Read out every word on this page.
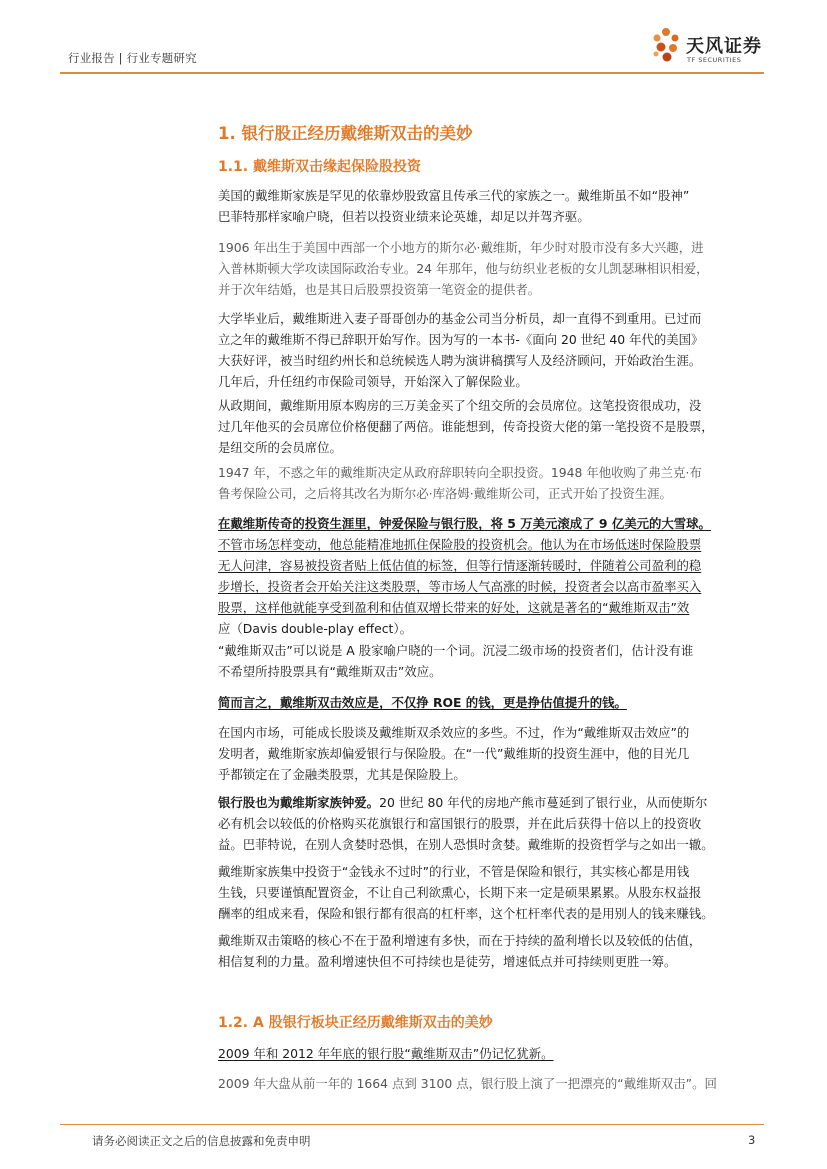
行业报告 | 行业专题研究
天风证券
TF SECURITIES
1. 银行股正经历戴维斯双击的美妙
1.1. 戴维斯双击缘起保险股投资
美国的戴维斯家族是罕见的依靠炒股致富且传承三代的家族之一。戴维斯虽不如“股神”
巴菲特那样家喻户晓，但若以投资业绩来论英雄，却足以并驾齐驱。
1906 年出生于美国中西部一个小地方的斯尔必·戴维斯，年少时对股市没有多大兴趣，进
入普林斯顿大学攻读国际政治专业。24 年那年，他与纺织业老板的女儿凯瑟琳相识相爱，
并于次年结婚，也是其日后股票投资第一笔资金的提供者。
大学毕业后，戴维斯进入妻子哥哥创办的基金公司当分析员，却一直得不到重用。已过而
立之年的戴维斯不得已辞职开始写作。因为写的一本书-《面向 20 世纪 40 年代的美国》
大获好评，被当时纽约州长和总统候选人聘为演讲稿撰写人及经济顾问，开始政治生涯。
几年后，升任纽约市保险司领导，开始深入了解保险业。
从政期间，戴维斯用原本购房的三万美金买了个纽交所的会员席位。这笔投资很成功，没
过几年他买的会员席位价格便翻了两倍。谁能想到，传奇投资大佬的第一笔投资不是股票，
是纽交所的会员席位。
1947 年，不惑之年的戴维斯决定从政府辞职转向全职投资。1948 年他收购了弗兰克·布
鲁考保险公司，之后将其改名为斯尔必·库洛姆·戴维斯公司，正式开始了投资生涯。
在戴维斯传奇的投资生涯里，钟爱保险与银行股，将 5 万美元滚成了 9 亿美元的大雪球。
不管市场怎样变动，他总能精准地抓住保险股的投资机会。他认为在市场低迷时保险股票
无人问津，容易被投资者贴上低估值的标签，但等行情逐渐转暖时，伴随着公司盈利的稳
步增长，投资者会开始关注这类股票，等市场人气高涨的时候，投资者会以高市盈率买入
股票，这样他就能享受到盈利和估值双增长带来的好处，这就是著名的“戴维斯双击”效
应（Davis double-play effect）。
“戴维斯双击”可以说是 A 股家喻户晓的一个词。沉浸二级市场的投资者们，估计没有谁
不希望所持股票具有“戴维斯双击”效应。
简而言之，戴维斯双击效应是，不仅挣 ROE 的钱，更是挣估值提升的钱。
在国内市场，可能成长股谈及戴维斯双杀效应的多些。不过，作为“戴维斯双击效应”的
发明者，戴维斯家族却偏爱银行与保险股。在“一代”戴维斯的投资生涯中，他的目光几
乎都锁定在了金融类股票，尤其是保险股上。
银行股也为戴维斯家族钟爱。20 世纪 80 年代的房地产熊市蔓延到了银行业，从而使斯尔
必有机会以较低的价格购买花旗银行和富国银行的股票，并在此后获得十倍以上的投资收
益。巴菲特说，在别人贪婪时恐惧，在别人恐惧时贪婪。戴维斯的投资哲学与之如出一辙。
戴维斯家族集中投资于“金钱永不过时”的行业，不管是保险和银行，其实核心都是用钱
生钱，只要谨慎配置资金，不让自己利欲熏心，长期下来一定是硕果累累。从股东权益报
酬率的组成来看，保险和银行都有很高的杠杆率，这个杠杆率代表的是用别人的钱来赚钱。
戴维斯双击策略的核心不在于盈利增速有多快，而在于持续的盈利增长以及较低的估值，
相信复利的力量。盈利增速快但不可持续也是徒劳，增速低点并可持续则更胜一筹。
1.2. A 股银行板块正经历戴维斯双击的美妙
2009 年和 2012 年年底的银行股“戴维斯双击”仍记忆犹新。
2009 年大盘从前一年的 1664 点到 3100 点，银行股上演了一把漂亮的“戴维斯双击”。回
请务必阅读正文之后的信息披露和免责申明	3
